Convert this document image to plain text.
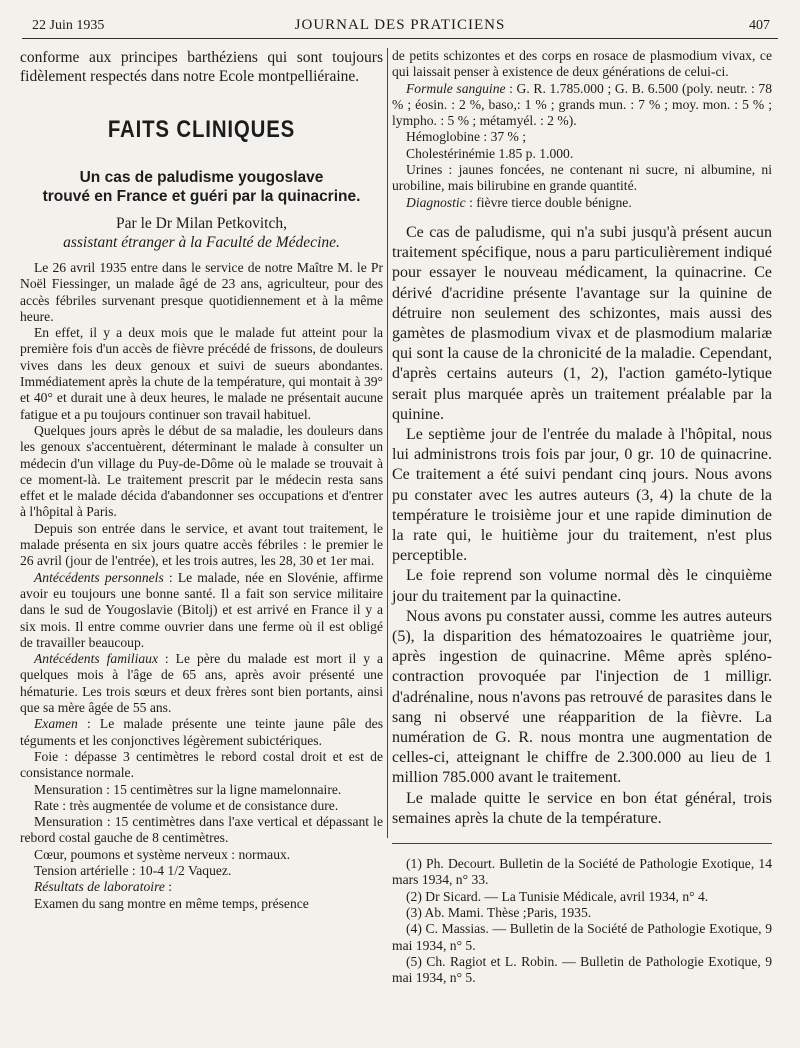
22 Juin 1935	JOURNAL DES PRATICIENS	407

conforme aux principes barthéziens qui sont toujours fidèlement respectés dans notre Ecole montpelliéraine.

FAITS CLINIQUES
Un cas de paludisme yougoslave
trouvé en France et guéri par la quinacrine.
Par le Dr Milan Petkovitch,
assistant étranger à la Faculté de Médecine.

Le 26 avril 1935 entre dans le service de notre Maître M. le Pr Noël Fiessinger, un malade âgé de 23 ans, agriculteur, pour des accès fébriles survenant presque quotidiennement et à la même heure.

En effet, il y a deux mois que le malade fut atteint pour la première fois d'un accès de fièvre précédé de frissons, de douleurs vives dans les deux genoux et suivi de sueurs abondantes. Immédiatement après la chute de la température, qui montait à 39° et 40° et durait une à deux heures, le malade ne présentait aucune fatigue et a pu toujours continuer son travail habituel.

Quelques jours après le début de sa maladie, les douleurs dans les genoux s'accentuèrent, déterminant le malade à consulter un médecin d'un village du Puy-de-Dôme où le malade se trouvait à ce moment-là. Le traitement prescrit par le médecin resta sans effet et le malade décida d'abandonner ses occupations et d'entrer à l'hôpital à Paris.

Depuis son entrée dans le service, et avant tout traitement, le malade présenta en six jours quatre accès fébriles : le premier le 26 avril (jour de l'entrée), et les trois autres, les 28, 30 et 1er mai.

Antécédents personnels : Le malade, née en Slovénie, affirme avoir eu toujours une bonne santé. Il a fait son service militaire dans le sud de Yougoslavie (Bitolj) et est arrivé en France il y a six mois. Il entre comme ouvrier dans une ferme où il est obligé de travailler beaucoup.

Antécédents familiaux : Le père du malade est mort il y a quelques mois à l'âge de 65 ans, après avoir présenté une hématurie. Les trois sœurs et deux frères sont bien portants, ainsi que sa mère âgée de 55 ans.

Examen : Le malade présente une teinte jaune pâle des téguments et les conjonctives légèrement subictériques.

Foie : dépasse 3 centimètres le rebord costal droit et est de consistance normale.

Mensuration : 15 centimètres sur la ligne mamelonnaire.

Rate : très augmentée de volume et de consistance dure.

Mensuration : 15 centimètres dans l'axe vertical et dépassant le rebord costal gauche de 8 centimètres.

Cœur, poumons et système nerveux : normaux.

Tension artérielle : 10-4 1/2 Vaquez.

Résultats de laboratoire :

Examen du sang montre en même temps, présence

de petits schizontes et des corps en rosace de plasmodium vivax, ce qui laissait penser à existence de deux générations de celui-ci.

Formule sanguine : G. R. 1.785.000 ; G. B. 6.500 (poly. neutr. : 78 % ; éosin. : 2 %, baso,: 1 % ; grands mun. : 7 % ; moy. mon. : 5 % ; lympho. : 5 % ; métamyél. : 2 %).

Hémoglobine : 37 % ;

Cholestérinémie 1.85 p. 1.000.

Urines : jaunes foncées, ne contenant ni sucre, ni albumine, ni urobiline, mais bilirubine en grande quantité.

Diagnostic : fièvre tierce double bénigne.

Ce cas de paludisme, qui n'a subi jusqu'à présent aucun traitement spécifique, nous a paru particulièrement indiqué pour essayer le nouveau médicament, la quinacrine. Ce dérivé d'acridine présente l'avantage sur la quinine de détruire non seulement des schizontes, mais aussi des gamètes de plasmodium vivax et de plasmodium malariæ qui sont la cause de la chronicité de la maladie. Cependant, d'après certains auteurs (1, 2), l'action gaméto-lytique serait plus marquée après un traitement préalable par la quinine.

Le septième jour de l'entrée du malade à l'hôpital, nous lui administrons trois fois par jour, 0 gr. 10 de quinacrine. Ce traitement a été suivi pendant cinq jours. Nous avons pu constater avec les autres auteurs (3, 4) la chute de la température le troisième jour et une rapide diminution de la rate qui, le huitième jour du traitement, n'est plus perceptible.

Le foie reprend son volume normal dès le cinquième jour du traitement par la quinactine.

Nous avons pu constater aussi, comme les autres auteurs (5), la disparition des hématozoaires le quatrième jour, après ingestion de quinacrine. Même après spléno-contraction provoquée par l'injection de 1 milligr. d'adrénaline, nous n'avons pas retrouvé de parasites dans le sang ni observé une réapparition de la fièvre. La numération de G. R. nous montra une augmentation de celles-ci, atteignant le chiffre de 2.300.000 au lieu de 1 million 785.000 avant le traitement.

Le malade quitte le service en bon état général, trois semaines après la chute de la température.

(1) Ph. Decourt. Bulletin de la Société de Pathologie Exotique, 14 mars 1934, n° 33.

(2) Dr Sicard. — La Tunisie Médicale, avril 1934, n° 4.

(3) Ab. Mami. Thèse ;Paris, 1935.

(4) C. Massias. — Bulletin de la Société de Pathologie Exotique, 9 mai 1934, n° 5.

(5) Ch. Ragiot et L. Robin. — Bulletin de Pathologie Exotique, 9 mai 1934, n° 5.
